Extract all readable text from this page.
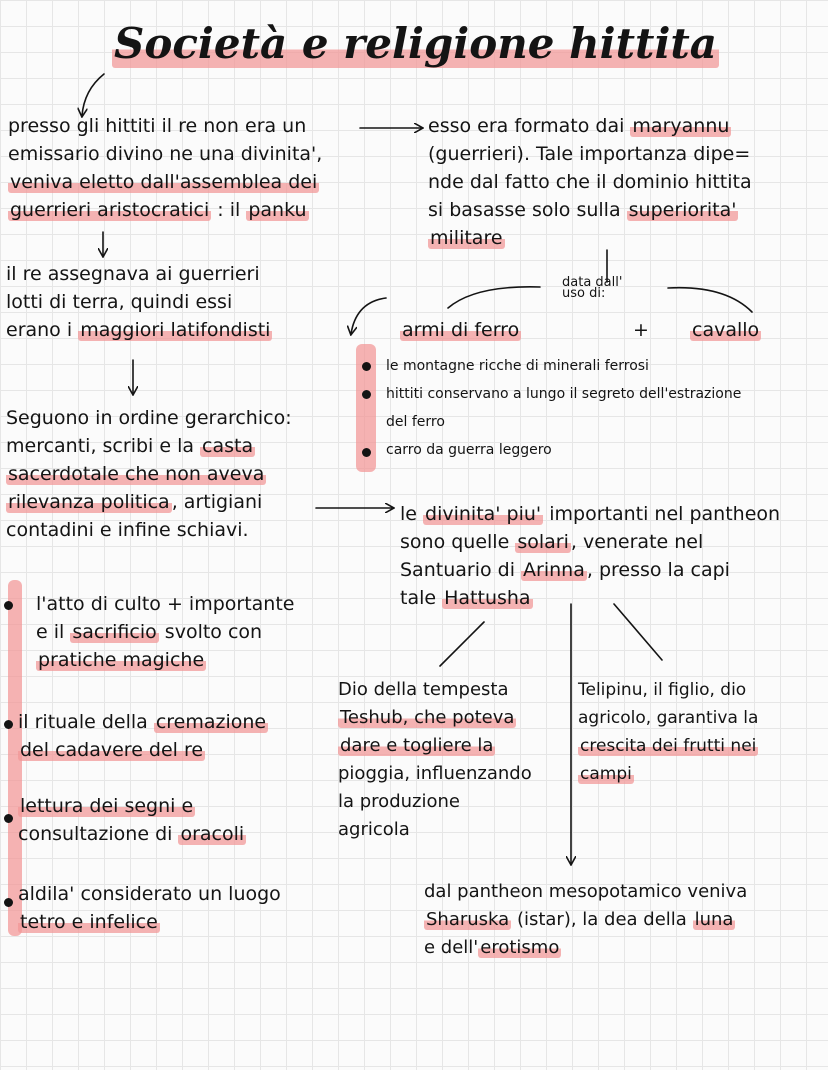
Società e religione hittita

presso gli hittiti il re non era un
emissario divino ne una divinita',
veniva eletto dall'assemblea dei
guerrieri aristocratici : il panku

esso era formato dai maryannu
(guerrieri). Tale importanza dipe=
nde dal fatto che il dominio hittita
si basasse solo sulla superiorita'
militare

il re assegnava ai guerrieri
lotti di terra, quindi essi
erano i maggiori latifondisti

data dall'
uso di:

armi di ferro	+ cavallo

le montagne ricche di minerali ferrosi
hittiti conservano a lungo il segreto dell'estrazione
del ferro
carro da guerra leggero

Seguono in ordine gerarchico:
mercanti, scribi e la casta
sacerdotale che non aveva
rilevanza politica , artigiani
contadini e infine schiavi.

le divinita' piu' importanti nel pantheon
sono quelle solari , venerate nel
Santuario di Arinna , presso la capi
tale Hattusha

l'atto di culto + importante
e il sacrificio svolto con
pratiche magiche

il rituale della cremazione
del cadavere del re

lettura dei segni e
consultazione di oracoli

aldila' considerato un luogo
tetro e infelice

Dio della tempesta
Teshub, che poteva
dare e togliere la
pioggia, influenzando
la produzione
agricola

Telipinu, il figlio, dio
agricolo, garantiva la
crescita dei frutti nei
campi

dal pantheon mesopotamico veniva
Sharuska (istar), la dea della luna
e dell' erotismo
